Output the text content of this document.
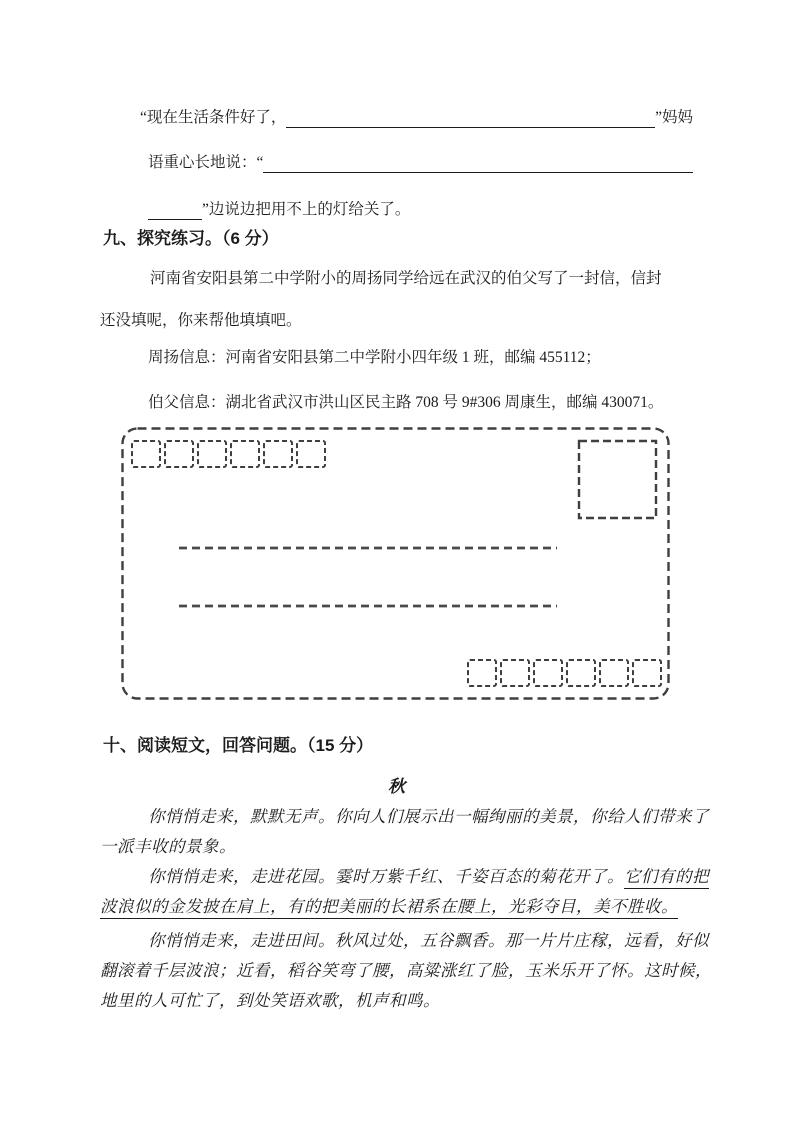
“现在生活条件好了，	”妈妈
语重心长地说：“
”边说边把用不上的灯给关了。
九、探究练习。（6 分）
河南省安阳县第二中学附小的周扬同学给远在武汉的伯父写了一封信，信封
还没填呢，你来帮他填填吧。
周扬信息：河南省安阳县第二中学附小四年级 1 班，邮编 455112；
伯父信息：湖北省武汉市洪山区民主路 708 号 9#306 周康生，邮编 430071。
十、阅读短文，回答问题。（15 分）
秋
你悄悄走来，默默无声。你向人们展示出一幅绚丽的美景，你给人们带来了
一派丰收的景象。
你悄悄走来，走进花园。霎时万紫千红、千姿百态的菊花开了。它们有的把
波浪似的金发披在肩上，有的把美丽的长裙系在腰上，光彩夺目，美不胜收。
你悄悄走来，走进田间。秋风过处，五谷飘香。那一片片庄稼，远看，好似
翻滚着千层波浪；近看，稻谷笑弯了腰，高粱涨红了脸，玉米乐开了怀。这时候，
地里的人可忙了，到处笑语欢歌，机声和鸣。
